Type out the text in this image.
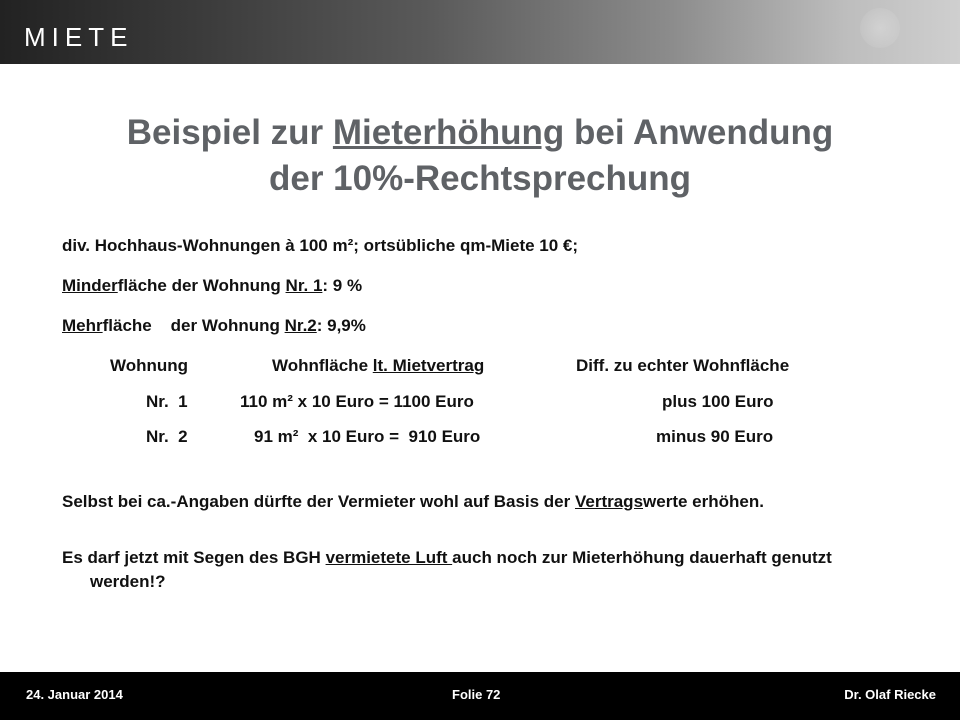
MIETE
Beispiel zur Mieterhöhung bei Anwendung
der 10%-Rechtsprechung
div. Hochhaus-Wohnungen à 100 m²; ortsübliche qm-Miete 10 €;
Minderfläche der Wohnung Nr. 1: 9 %
Mehrfläche    der Wohnung Nr.2: 9,9%
Wohnung	Wohnfläche lt. Mietvertrag	Diff. zu echter Wohnfläche
Nr.  1	110 m² x 10 Euro = 1100 Euro	plus 100 Euro
Nr.  2	91 m²  x 10 Euro =  910 Euro	minus 90 Euro
Selbst bei ca.-Angaben dürfte der Vermieter wohl auf Basis der Vertragswerte erhöhen.
Es darf jetzt mit Segen des BGH vermietete Luft auch noch zur Mieterhöhung dauerhaft genutzt werden!?
24. Januar 2014	Folie 72	Dr. Olaf Riecke
